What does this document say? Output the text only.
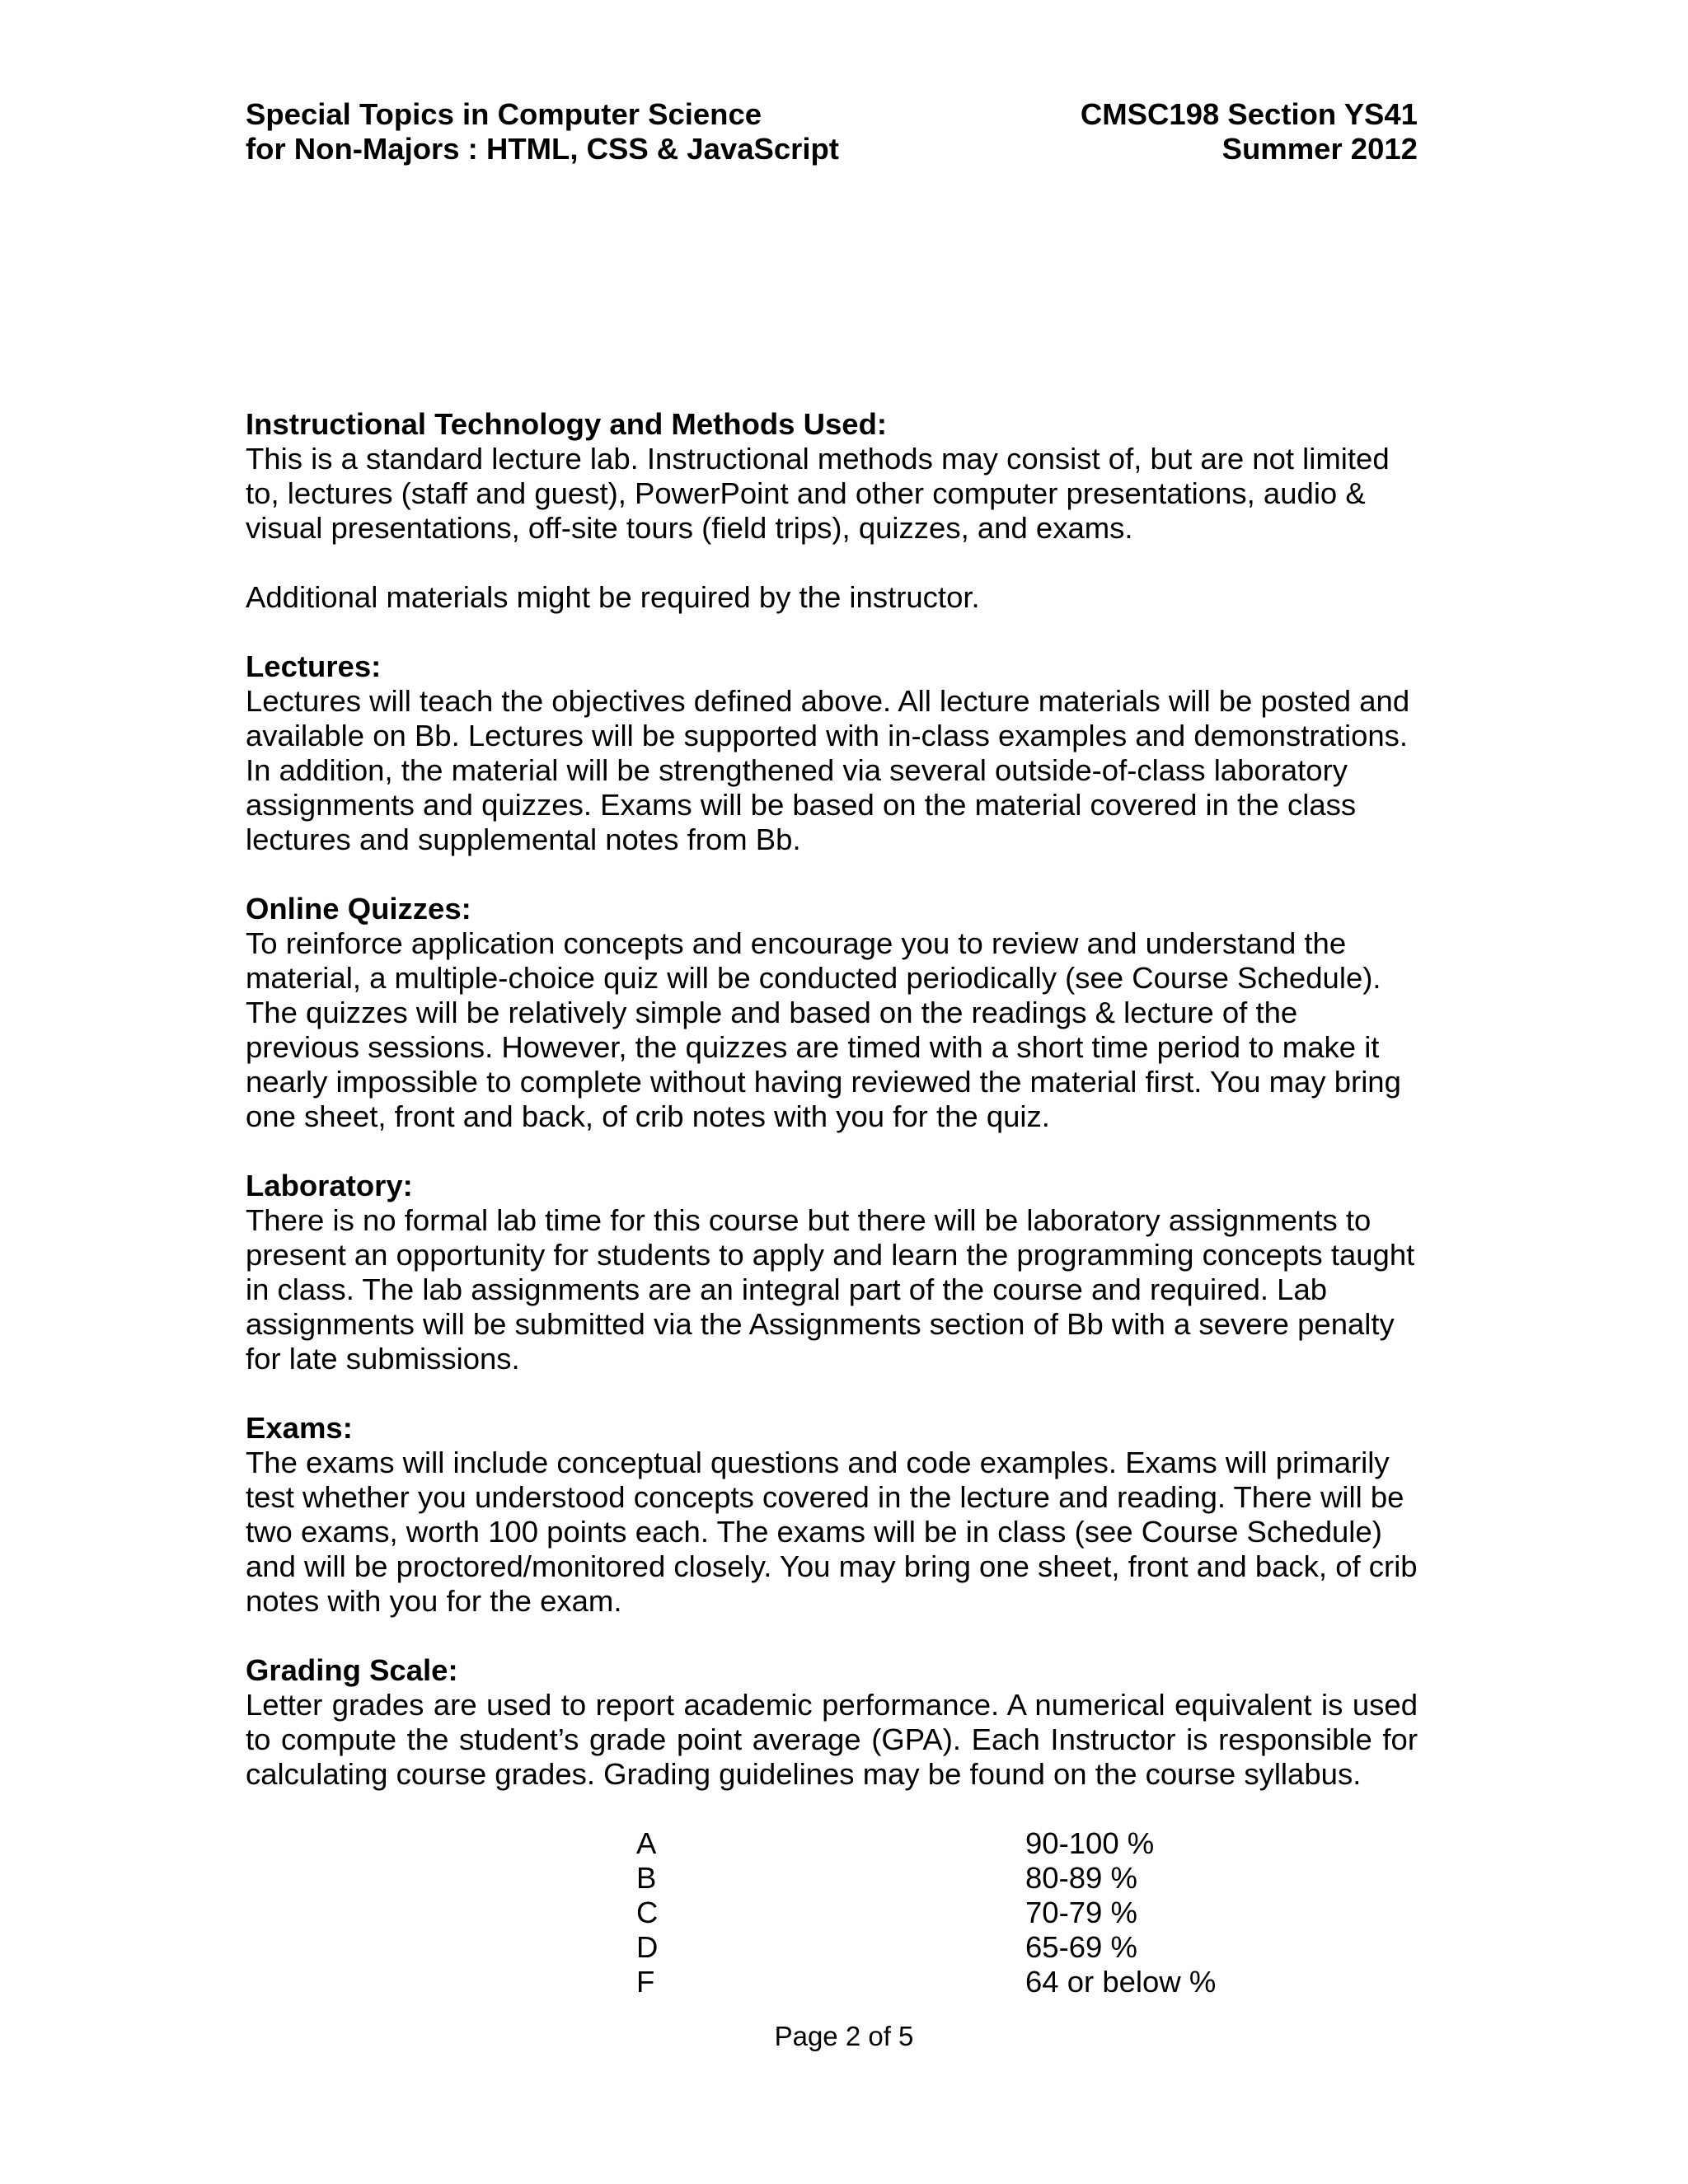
Special Topics in Computer Science
for Non-Majors : HTML, CSS & JavaScript
CMSC198 Section YS41
Summer 2012
Instructional Technology and Methods Used:

This is a standard lecture lab. Instructional methods may consist of, but are not limited to, lectures (staff and guest), PowerPoint and other computer presentations, audio & visual presentations, off-site tours (field trips), quizzes, and exams.

Additional materials might be required by the instructor.

Lectures:

Lectures will teach the objectives defined above. All lecture materials will be posted and available on Bb. Lectures will be supported with in-class examples and demonstrations. In addition, the material will be strengthened via several outside-of-class laboratory assignments and quizzes. Exams will be based on the material covered in the class lectures and supplemental notes from Bb.

Online Quizzes:

To reinforce application concepts and encourage you to review and understand the material, a multiple-choice quiz will be conducted periodically (see Course Schedule). The quizzes will be relatively simple and based on the readings & lecture of the previous sessions. However, the quizzes are timed with a short time period to make it nearly impossible to complete without having reviewed the material first. You may bring one sheet, front and back, of crib notes with you for the quiz.

Laboratory:

There is no formal lab time for this course but there will be laboratory assignments to present an opportunity for students to apply and learn the programming concepts taught in class. The lab assignments are an integral part of the course and required. Lab assignments will be submitted via the Assignments section of Bb with a severe penalty for late submissions.

Exams:

The exams will include conceptual questions and code examples. Exams will primarily test whether you understood concepts covered in the lecture and reading. There will be two exams, worth 100 points each. The exams will be in class (see Course Schedule) and will be proctored/monitored closely. You may bring one sheet, front and back, of crib notes with you for the exam.

Grading Scale:

Letter grades are used to report academic performance. A numerical equivalent is used to compute the student’s grade point average (GPA). Each Instructor is responsible for calculating course grades. Grading guidelines may be found on the course syllabus.

A	90-100 %
B	80-89 %
C	70-79 %
D	65-69 %
F	64 or below %
Page 2 of 5
